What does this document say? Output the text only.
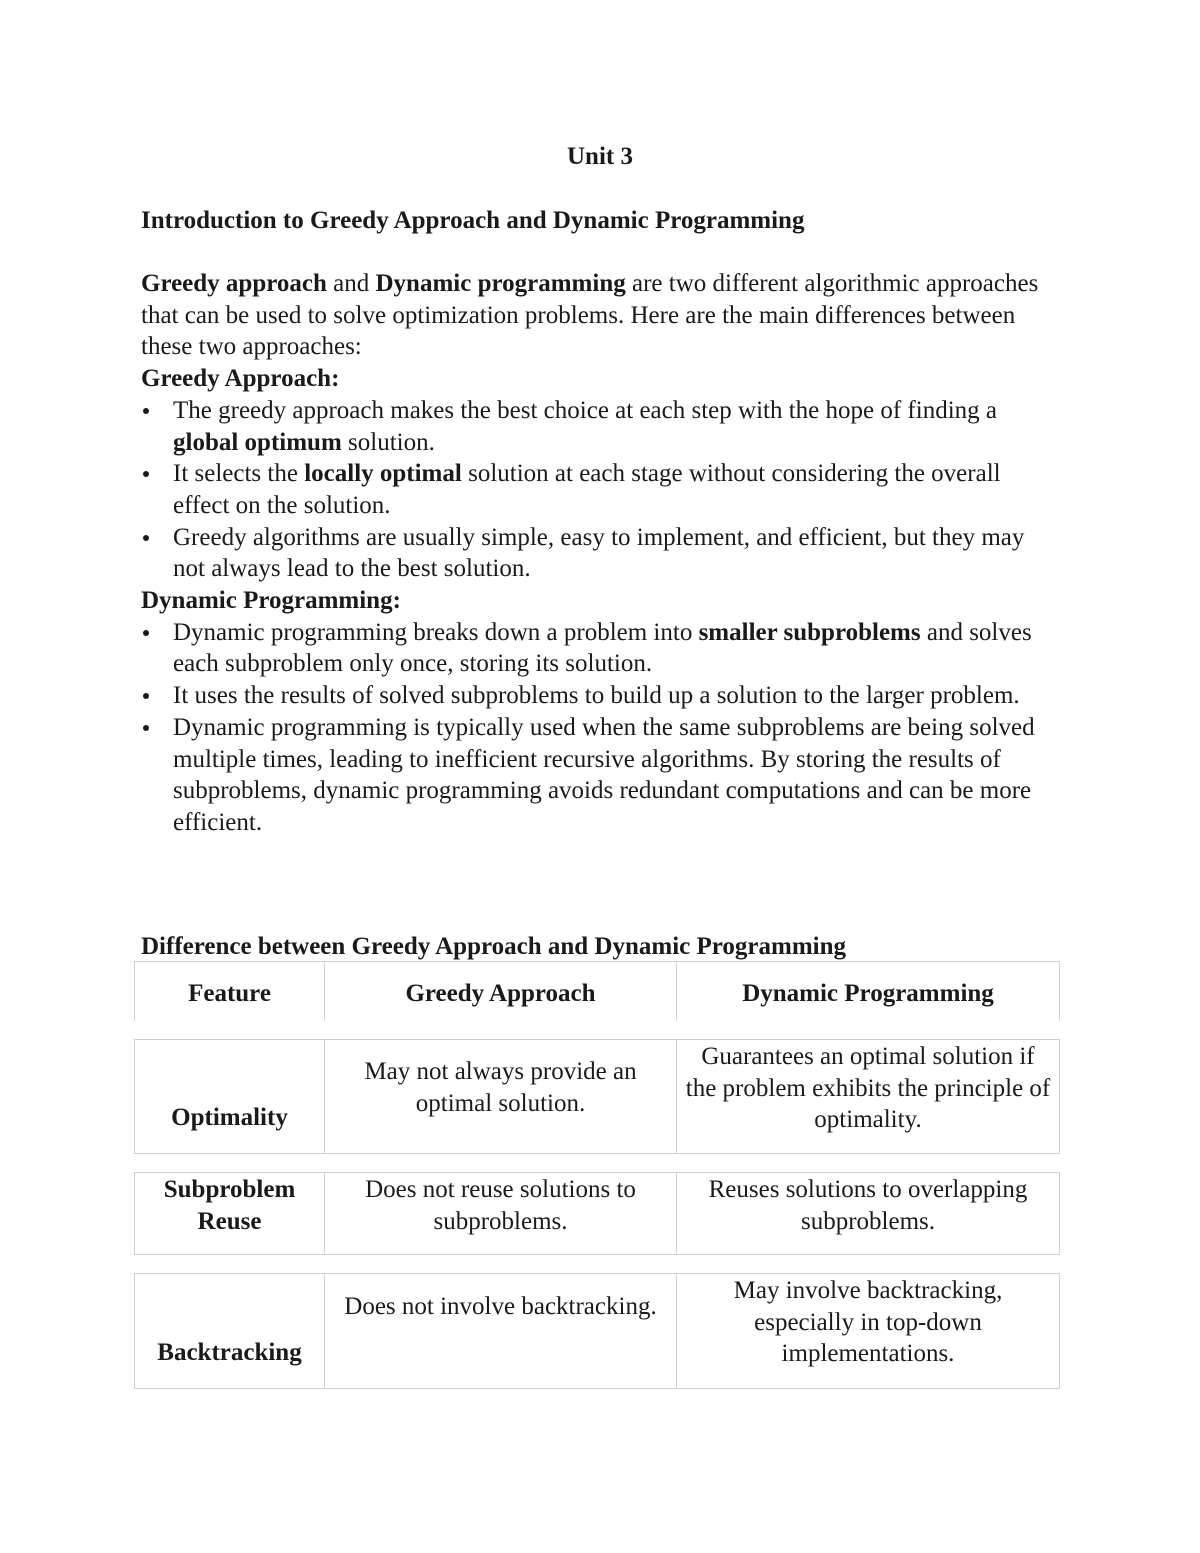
Unit 3
Introduction to Greedy Approach and Dynamic Programming

Greedy approach and Dynamic programming are two different algorithmic approaches that can be used to solve optimization problems. Here are the main differences between these two approaches:

Greedy Approach:

The greedy approach makes the best choice at each step with the hope of finding a global optimum solution.
It selects the locally optimal solution at each stage without considering the overall effect on the solution.
Greedy algorithms are usually simple, easy to implement, and efficient, but they may not always lead to the best solution.

Dynamic Programming:

Dynamic programming breaks down a problem into smaller subproblems and solves each subproblem only once, storing its solution.
It uses the results of solved subproblems to build up a solution to the larger problem.
Dynamic programming is typically used when the same subproblems are being solved multiple times, leading to inefficient recursive algorithms. By storing the results of subproblems, dynamic programming avoids redundant computations and can be more efficient.
Difference between Greedy Approach and Dynamic Programming
Feature	Greedy Approach	Dynamic Programming
Optimality
May not always provide an optimal solution.
Guarantees an optimal solution if the problem exhibits the principle of optimality.
Subproblem Reuse
Does not reuse solutions to subproblems.
Reuses solutions to overlapping subproblems.
Backtracking
Does not involve backtracking.
May involve backtracking, especially in top-down implementations.
